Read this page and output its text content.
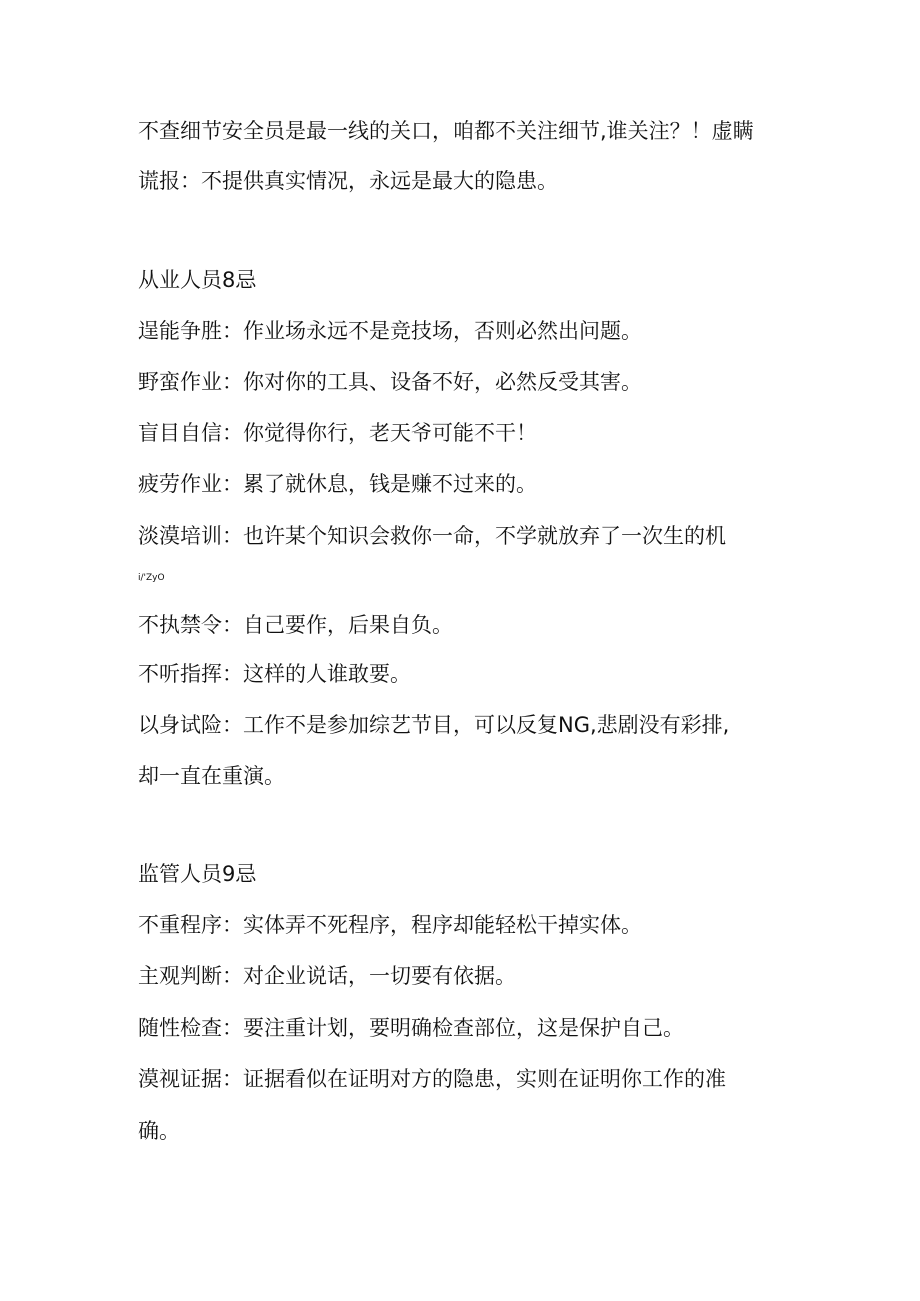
不查细节安全员是最一线的关口，咱都不关注细节,谁关注？！虚瞒

谎报：不提供真实情况，永远是最大的隐患。

从业人员8忌

逞能争胜：作业场永远不是竞技场，否则必然出问题。

野蛮作业：你对你的工具、设备不好，必然反受其害。

盲目自信：你觉得你行，老天爷可能不干！

疲劳作业：累了就休息，钱是赚不过来的。

淡漠培训：也许某个知识会救你一命，不学就放弃了一次生的机

i/'ZyO

不执禁令：自己要作，后果自负。

不听指挥：这样的人谁敢要。

以身试险：工作不是参加综艺节目，可以反复NG,悲剧没有彩排,

却一直在重演。

监管人员9忌

不重程序：实体弄不死程序，程序却能轻松干掉实体。

主观判断：对企业说话，一切要有依据。

随性检查：要注重计划，要明确检查部位，这是保护自己。

漠视证据：证据看似在证明对方的隐患，实则在证明你工作的准

确。
